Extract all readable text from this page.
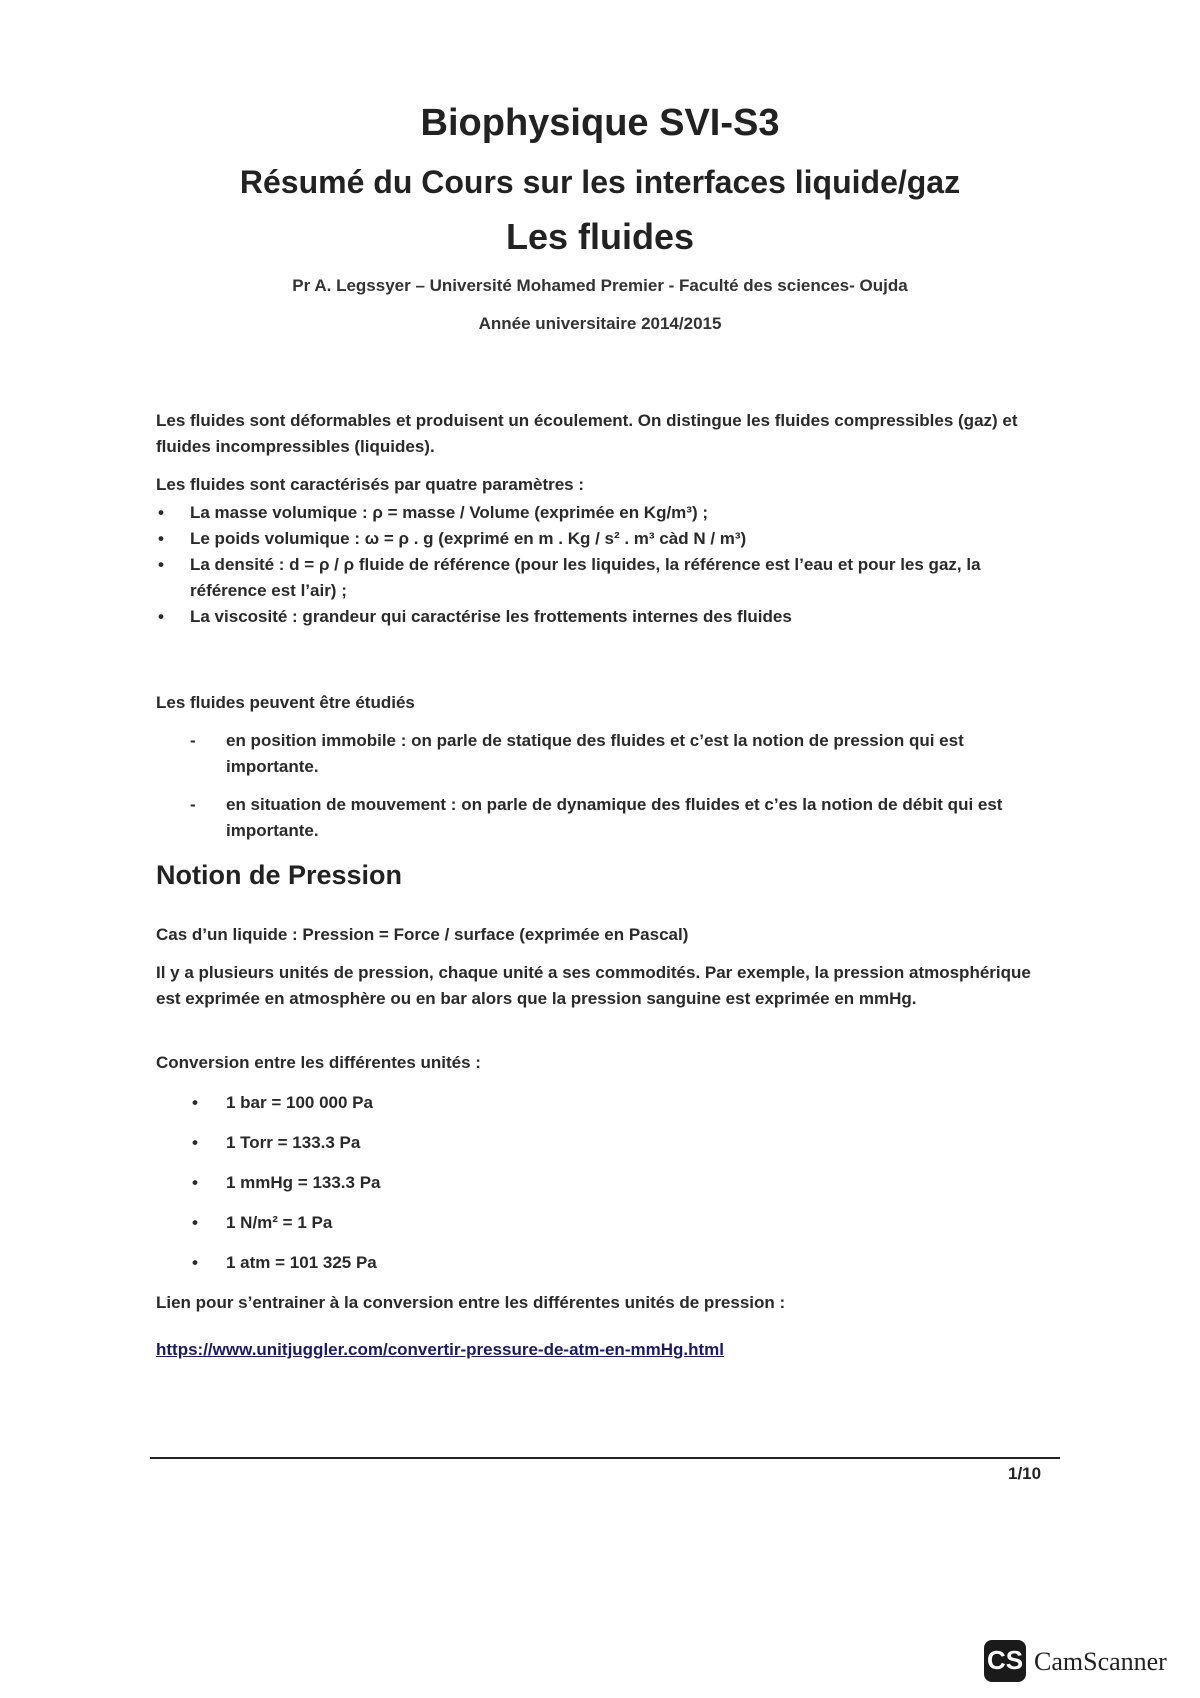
Biophysique SVI-S3
Résumé du Cours sur les interfaces liquide/gaz
Les fluides
Pr A. Legssyer – Université Mohamed Premier - Faculté des sciences- Oujda
Année universitaire 2014/2015

Les fluides sont déformables et produisent un écoulement. On distingue les fluides compressibles (gaz) et fluides incompressibles (liquides).

Les fluides sont caractérisés par quatre paramètres :
• La masse volumique : ρ = masse / Volume (exprimée en Kg/m³) ;
• Le poids volumique : ω = ρ . g (exprimé en m . Kg / s² . m³ càd N / m³)
• La densité : d = ρ / ρ fluide de référence (pour les liquides, la référence est l’eau et pour les gaz, la référence est l’air) ;
• La viscosité : grandeur qui caractérise les frottements internes des fluides
Les fluides peuvent être étudiés
- en position immobile : on parle de statique des fluides et c’est la notion de pression qui est importante.
- en situation de mouvement : on parle de dynamique des fluides et c’es la notion de débit qui est importante.
Notion de Pression
Cas d’un liquide : Pression = Force / surface (exprimée en Pascal)
Il y a plusieurs unités de pression, chaque unité a ses commodités. Par exemple, la pression atmosphérique est exprimée en atmosphère ou en bar alors que la pression sanguine est exprimée en mmHg.
Conversion entre les différentes unités :
• 1 bar = 100 000 Pa
• 1 Torr = 133.3 Pa
• 1 mmHg = 133.3 Pa
• 1 N/m² = 1 Pa
• 1 atm = 101 325 Pa
Lien pour s’entrainer à la conversion entre les différentes unités de pression :
https://www.unitjuggler.com/convertir-pressure-de-atm-en-mmHg.html
1/10
CS CamScanner
